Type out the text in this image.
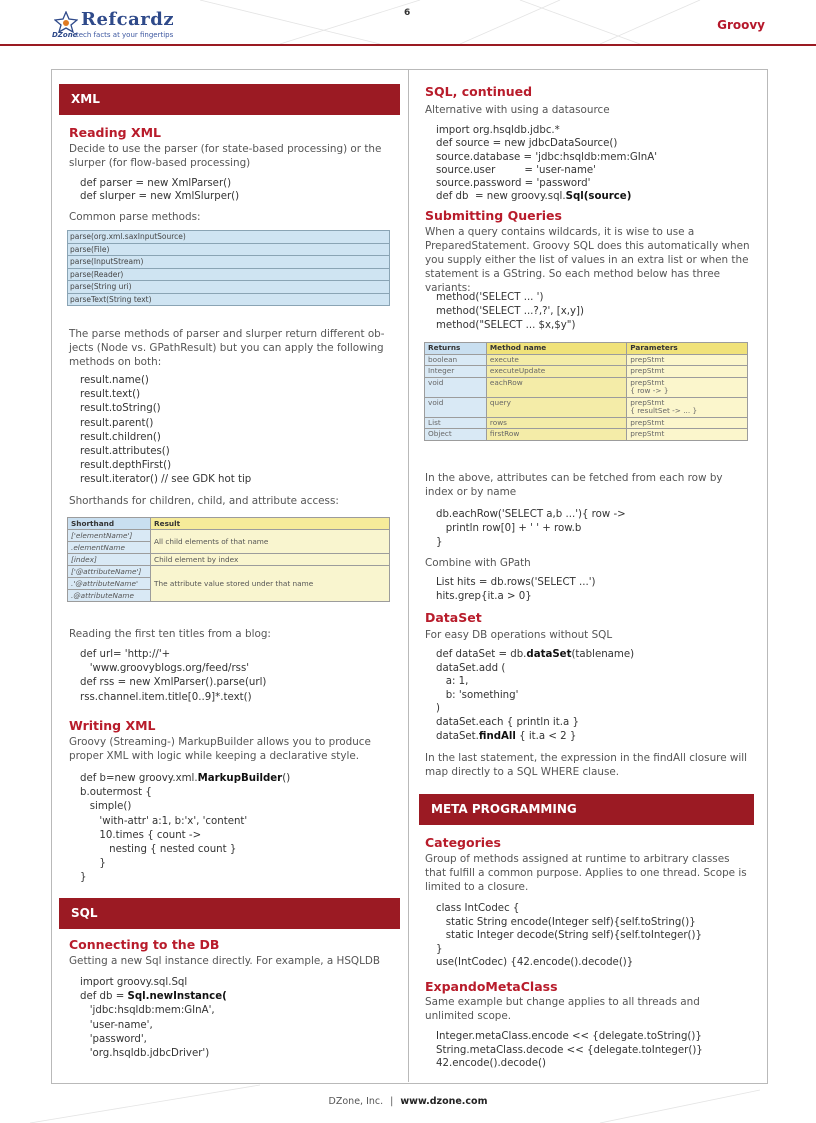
Refcardz
DZone
tech facts at your fingertips
6
Groovy
XML
Reading XML
Decide to use the parser (for state-based processing) or the
slurper (for flow-based processing)
def parser = new XmlParser()
def slurper = new XmlSlurper()
Common parse methods:
parse(org.xml.saxInputSource)
parse(File)
parse(InputStream)
parse(Reader)
parse(String uri)
parseText(String text)
The parse methods of parser and slurper return different ob-
jects (Node vs. GPathResult) but you can apply the following
methods on both:
result.name()
result.text()
result.toString()
result.parent()
result.children()
result.attributes()
result.depthFirst()
result.iterator() // see GDK hot tip
Shorthands for children, child, and attribute access:
Shorthand	Result
['elementName']	All child elements of that name
.elementName	
[index]	Child element by index
['@attributeName']	The attribute value stored under that name
.'@attributeName'	
.@attributeName	
Reading the first ten titles from a blog:
def url= 'http://'+
'www.groovyblogs.org/feed/rss'
def rss = new XmlParser().parse(url)
rss.channel.item.title[0..9]*.text()
Writing XML
Groovy (Streaming-) MarkupBuilder allows you to produce
proper XML with logic while keeping a declarative style.
def b=new groovy.xml.MarkupBuilder()
b.outermost {
simple()
'with-attr' a:1, b:'x', 'content'
10.times { count ->
nesting { nested count }
}
}
SQL
Connecting to the DB
Getting a new Sql instance directly. For example, a HSQLDB
import groovy.sql.Sql
def db = Sql.newInstance(
'jdbc:hsqldb:mem:GInA',
'user-name',
'password',
'org.hsqldb.jdbcDriver')
SQL, continued
Alternative with using a datasource
import org.hsqldb.jdbc.*
def source = new jdbcDataSource()
source.database = 'jdbc:hsqldb:mem:GInA'
source.user         = 'user-name'
source.password = 'password'
def db  = new groovy.sql.Sql(source)
Submitting Queries
When a query contains wildcards, it is wise to use a
PreparedStatement. Groovy SQL does this automatically when
you supply either the list of values in an extra list or when the
statement is a GString. So each method below has three variants:
method('SELECT ... ')
method('SELECT ...?,?', [x,y])
method("SELECT ... $x,$y")
Returns	Method name	Parameters
boolean	execute	prepStmt
Integer	executeUpdate	prepStmt
void	eachRow	prepStmt
{ row -> }

void	query	prepStmt
{ resultSet -> ... }

List	rows	prepStmt
Object	firstRow	prepStmt
In the above, attributes can be fetched from each row by
index or by name
db.eachRow('SELECT a,b ...'){ row ->
println row[0] + ' ' + row.b
}
Combine with GPath
List hits = db.rows('SELECT ...')
hits.grep{it.a > 0}
DataSet
For easy DB operations without SQL
def dataSet = db.dataSet(tablename)
dataSet.add (
a: 1,
b: 'something'
)
dataSet.each { println it.a }
dataSet.findAll { it.a < 2 }
In the last statement, the expression in the findAll closure will
map directly to a SQL WHERE clause.
META PROGRAMMING
Categories
Group of methods assigned at runtime to arbitrary classes
that fulfill a common purpose. Applies to one thread. Scope is
limited to a closure.
class IntCodec {
static String encode(Integer self){self.toString()}
static Integer decode(String self){self.toInteger()}
}
use(IntCodec) {42.encode().decode()}
ExpandoMetaClass
Same example but change applies to all threads and
unlimited scope.
Integer.metaClass.encode << {delegate.toString()}
String.metaClass.decode << {delegate.toInteger()}
42.encode().decode()
DZone, Inc. | www.dzone.com
